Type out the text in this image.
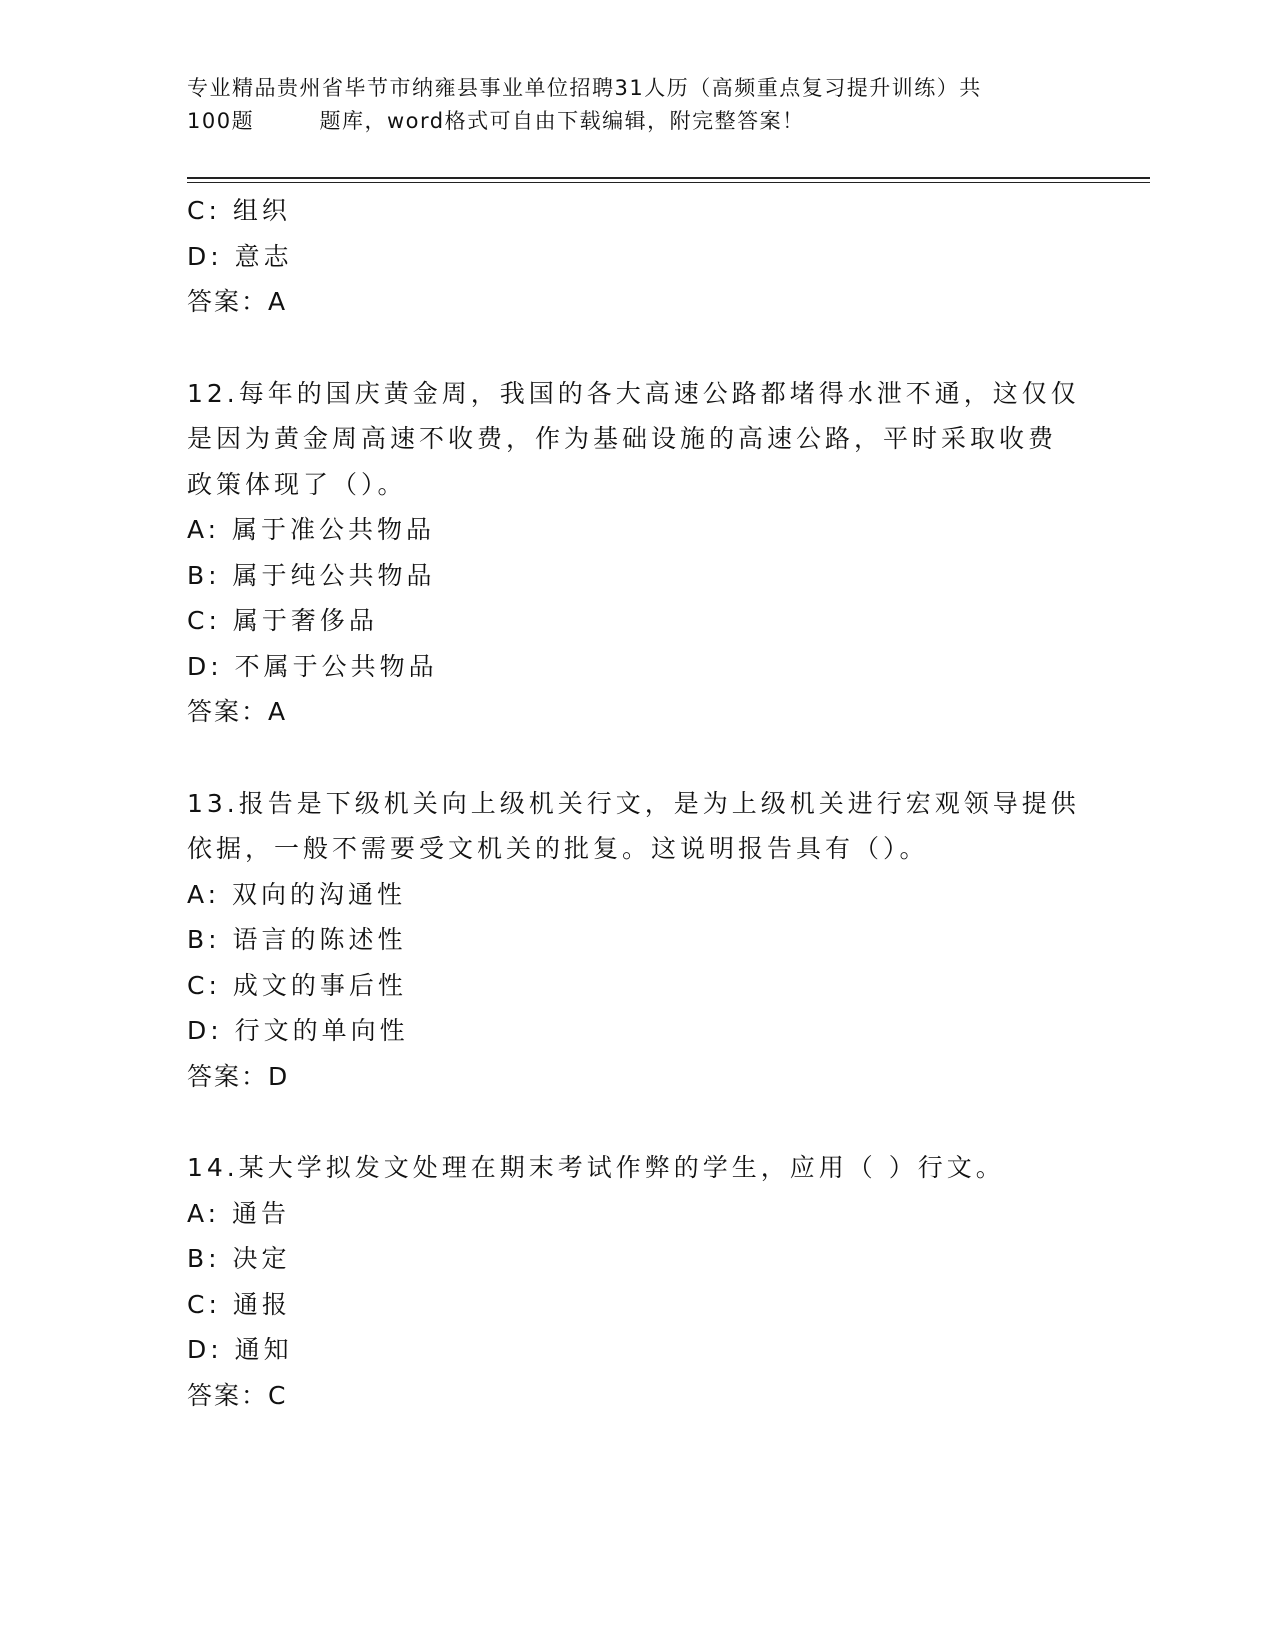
专业精品贵州省毕节市纳雍县事业单位招聘31人历（高频重点复习提升训练）共
100题        题库，word格式可自由下载编辑，附完整答案！
C: 组织
D: 意志
答案：A
12.每年的国庆黄金周，我国的各大高速公路都堵得水泄不通，这仅仅
是因为黄金周高速不收费，作为基础设施的高速公路，平时采取收费
政策体现了（）。
A: 属于准公共物品
B: 属于纯公共物品
C: 属于奢侈品
D: 不属于公共物品
答案：A
13.报告是下级机关向上级机关行文，是为上级机关进行宏观领导提供
依据，一般不需要受文机关的批复。这说明报告具有（）。
A: 双向的沟通性
B: 语言的陈述性
C: 成文的事后性
D: 行文的单向性
答案：D
14.某大学拟发文处理在期末考试作弊的学生，应用（ ）行文。
A: 通告
B: 决定
C: 通报
D: 通知
答案：C
